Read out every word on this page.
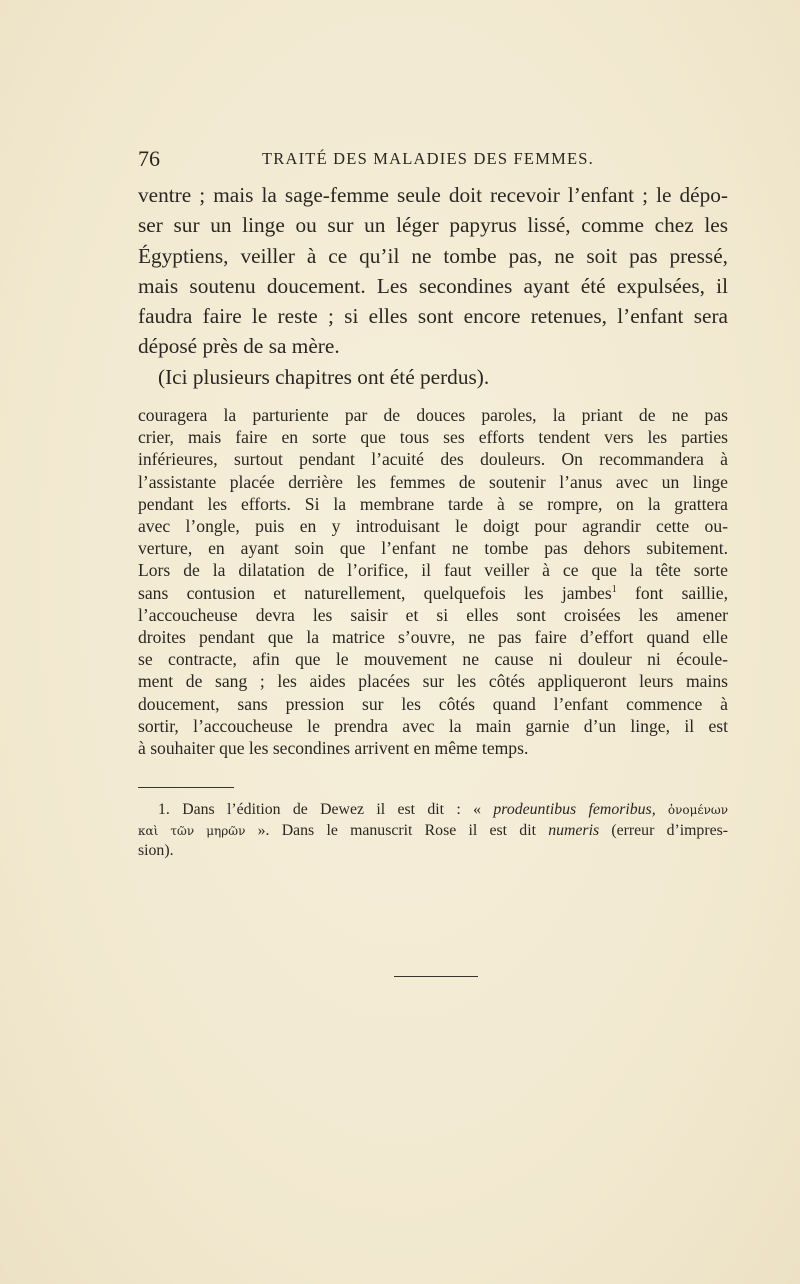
76	TRAITÉ DES MALADIES DES FEMMES.
ventre ; mais la sage-femme seule doit recevoir l’enfant ; le dépo-
ser sur un linge ou sur un léger papyrus lissé, comme chez les
Égyptiens, veiller à ce qu’il ne tombe pas, ne soit pas pressé,
mais soutenu doucement. Les secondines ayant été expulsées, il
faudra faire le reste ; si elles sont encore retenues, l’enfant sera
déposé près de sa mère.
(Ici plusieurs chapitres ont été perdus).
couragera la parturiente par de douces paroles, la priant de ne pas
crier, mais faire en sorte que tous ses efforts tendent vers les parties
inférieures, surtout pendant l’acuité des douleurs. On recommandera à
l’assistante placée derrière les femmes de soutenir l’anus avec un linge
pendant les efforts. Si la membrane tarde à se rompre, on la grattera
avec l’ongle, puis en y introduisant le doigt pour agrandir cette ou-
verture, en ayant soin que l’enfant ne tombe pas dehors subitement.
Lors de la dilatation de l’orifice, il faut veiller à ce que la tête sorte
sans contusion et naturellement, quelquefois les jambes$^1$ font saillie,
l’accoucheuse devra les saisir et si elles sont croisées les amener
droites pendant que la matrice s’ouvre, ne pas faire d’effort quand elle
se contracte, afin que le mouvement ne cause ni douleur ni écoule-
ment de sang ; les aides placées sur les côtés appliqueront leurs mains
doucement, sans pression sur les côtés quand l’enfant commence à
sortir, l’accoucheuse le prendra avec la main garnie d’un linge, il est
à souhaiter que les secondines arrivent en même temps.
1. Dans l’édition de Dewez il est dit : « prodeuntibus femoribus, ὀνομένων
καὶ τῶν μηρῶν ». Dans le manuscrit Rose il est dit numeris (erreur d’impres-
sion).
